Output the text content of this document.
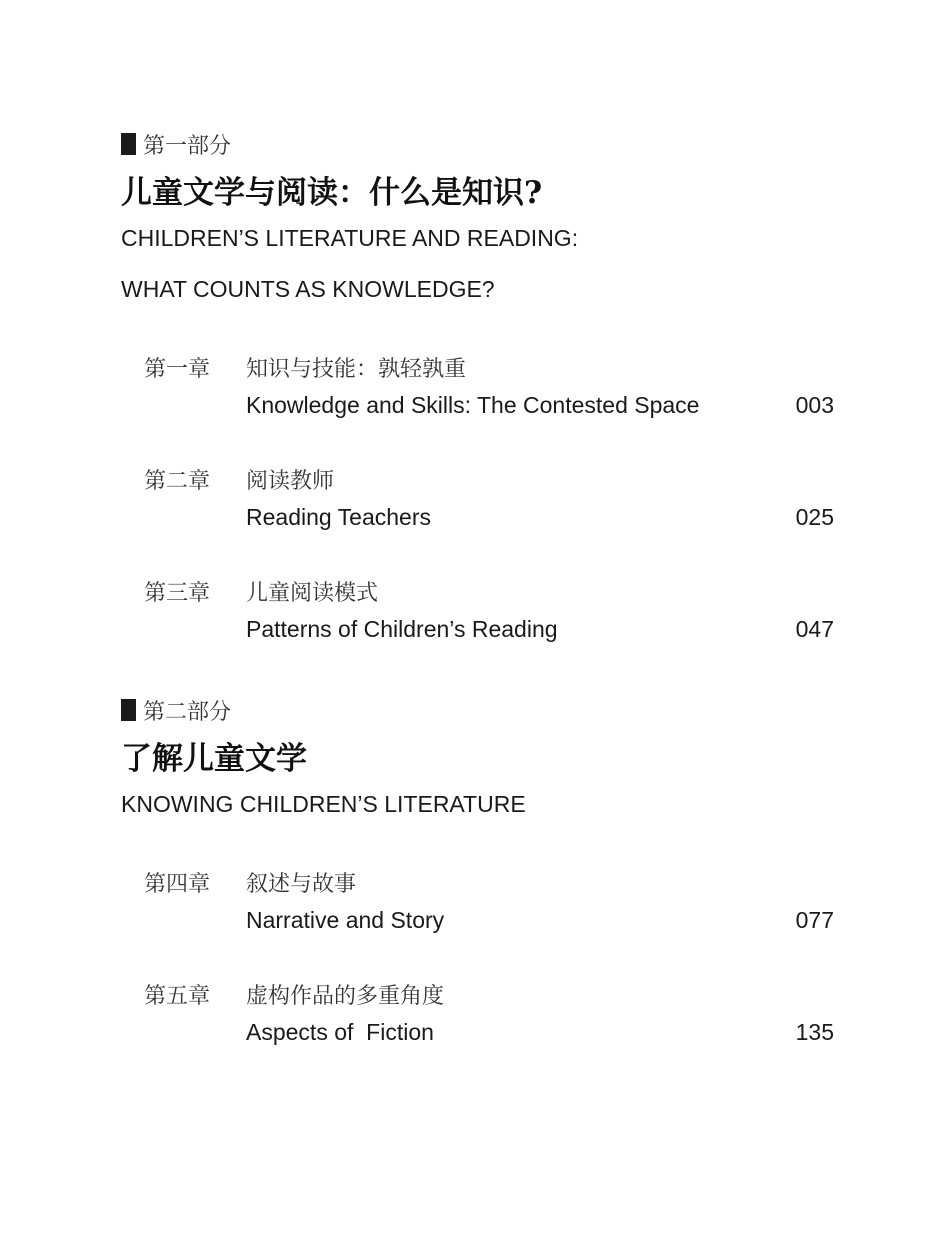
第一部分
儿童文学与阅读：什么是知识?
CHILDREN’S LITERATURE AND READING:
WHAT COUNTS AS KNOWLEDGE?
第一章 知识与技能：孰轻孰重
Knowledge and Skills: The Contested Space	003
第二章 阅读教师
Reading Teachers	025
第三章 儿童阅读模式
Patterns of Children’s Reading	047
第二部分
了解儿童文学
KNOWING CHILDREN’S LITERATURE
第四章 叙述与故事
Narrative and Story	077
第五章 虚构作品的多重角度
Aspects of  Fiction	135
